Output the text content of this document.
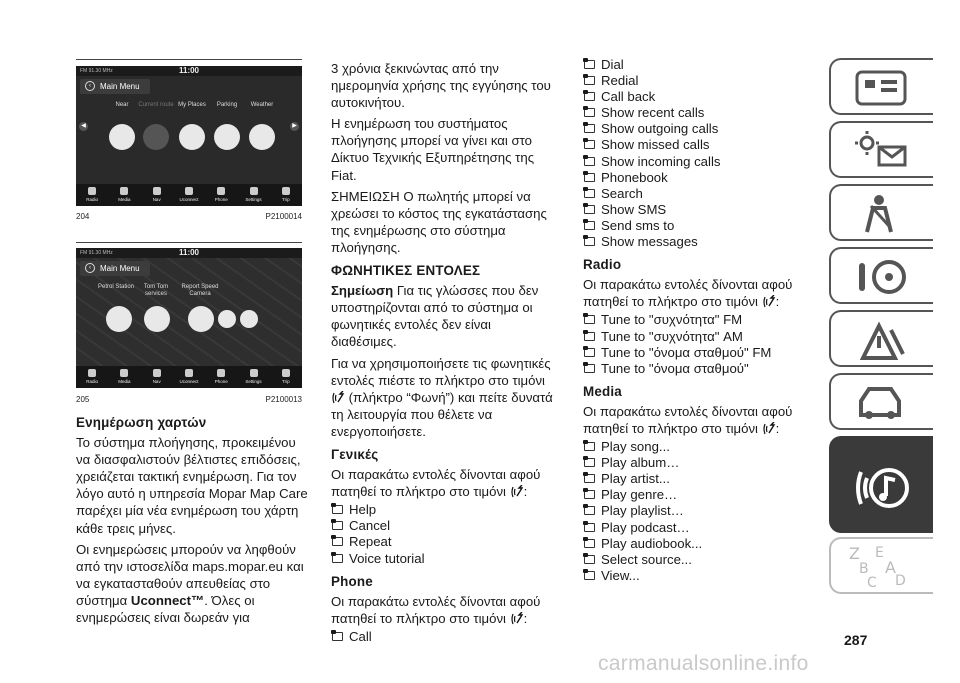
FM 91.30 MHz	11:00
‹	Main Menu
Near	Current route My Places	Parking	Weather
◀	▶
Radio	Media	Nav	Uconnect	Phone	Settings	Trip
204	P2100014
FM 91.30 MHz	11:00
‹	Main Menu
Petrol Station	Tom Tom services
Report Speed Camera
Radio	Media	Nav	Uconnect	Phone	Settings	Trip
205	P2100013
Ενημέρωση χαρτών

Το σύστημα πλοήγησης, προκειμένου να διασφαλιστούν βέλτιστες επιδόσεις, χρειάζεται τακτική ενημέρωση. Για τον λόγο αυτό η υπηρεσία Mopar Map Care παρέχει μία νέα ενημέρωση του χάρτη κάθε τρεις μήνες.

Οι ενημερώσεις μπορούν να ληφθούν από την ιστοσελίδα maps.mopar.eu και να εγκατασταθούν απευθείας στο σύστημα Uconnect™. Όλες οι ενημερώσεις είναι δωρεάν για

3 χρόνια ξεκινώντας από την ημερομηνία χρήσης της εγγύησης του αυτοκινήτου.

Η ενημέρωση του συστήματος πλοήγησης μπορεί να γίνει και στο Δίκτυο Τεχνικής Εξυπηρέτησης της Fiat.

ΣΗΜΕΙΩΣΗ Ο πωλητής μπορεί να χρεώσει το κόστος της εγκατάστασης της ενημέρωσης στο σύστημα πλοήγησης.

ΦΩΝΗΤΙΚΕΣ ΕΝΤΟΛΕΣ

Σημείωση Για τις γλώσσες που δεν υποστηρίζονται από το σύστημα οι φωνητικές εντολές δεν είναι διαθέσιμες.

Για να χρησιμοποιήσετε τις φωνητικές εντολές πιέστε το πλήκτρο στο τιμόνι  (πλήκτρο “Φωνή”) και πείτε δυνατά τη λειτουργία που θέλετε να ενεργοποιήσετε.

Γενικές

Οι παρακάτω εντολές δίνονται αφού πατηθεί το πλήκτρο στο τιμόνι :

Help
Cancel
Repeat
Voice tutorial
Phone

Οι παρακάτω εντολές δίνονται αφού πατηθεί το πλήκτρο στο τιμόνι :

Call
Dial
Redial
Call back
Show recent calls
Show outgoing calls
Show missed calls
Show incoming calls
Phonebook
Search
Show SMS
Send sms to
Show messages
Radio

Οι παρακάτω εντολές δίνονται αφού πατηθεί το πλήκτρο στο τιμόνι :

Tune to "συχνότητα" FM
Tune to "συχνότητα" AM
Tune to "όνομα σταθμού" FM
Tune to "όνομα σταθμού"
Media

Οι παρακάτω εντολές δίνονται αφού πατηθεί το πλήκτρο στο τιμόνι :

Play song...
Play album…
Play artist...
Play genre…
Play playlist…
Play podcast…
Play audiobook...
Select source...
View...
Z E
B A
C D
287
carmanualsonline.info
